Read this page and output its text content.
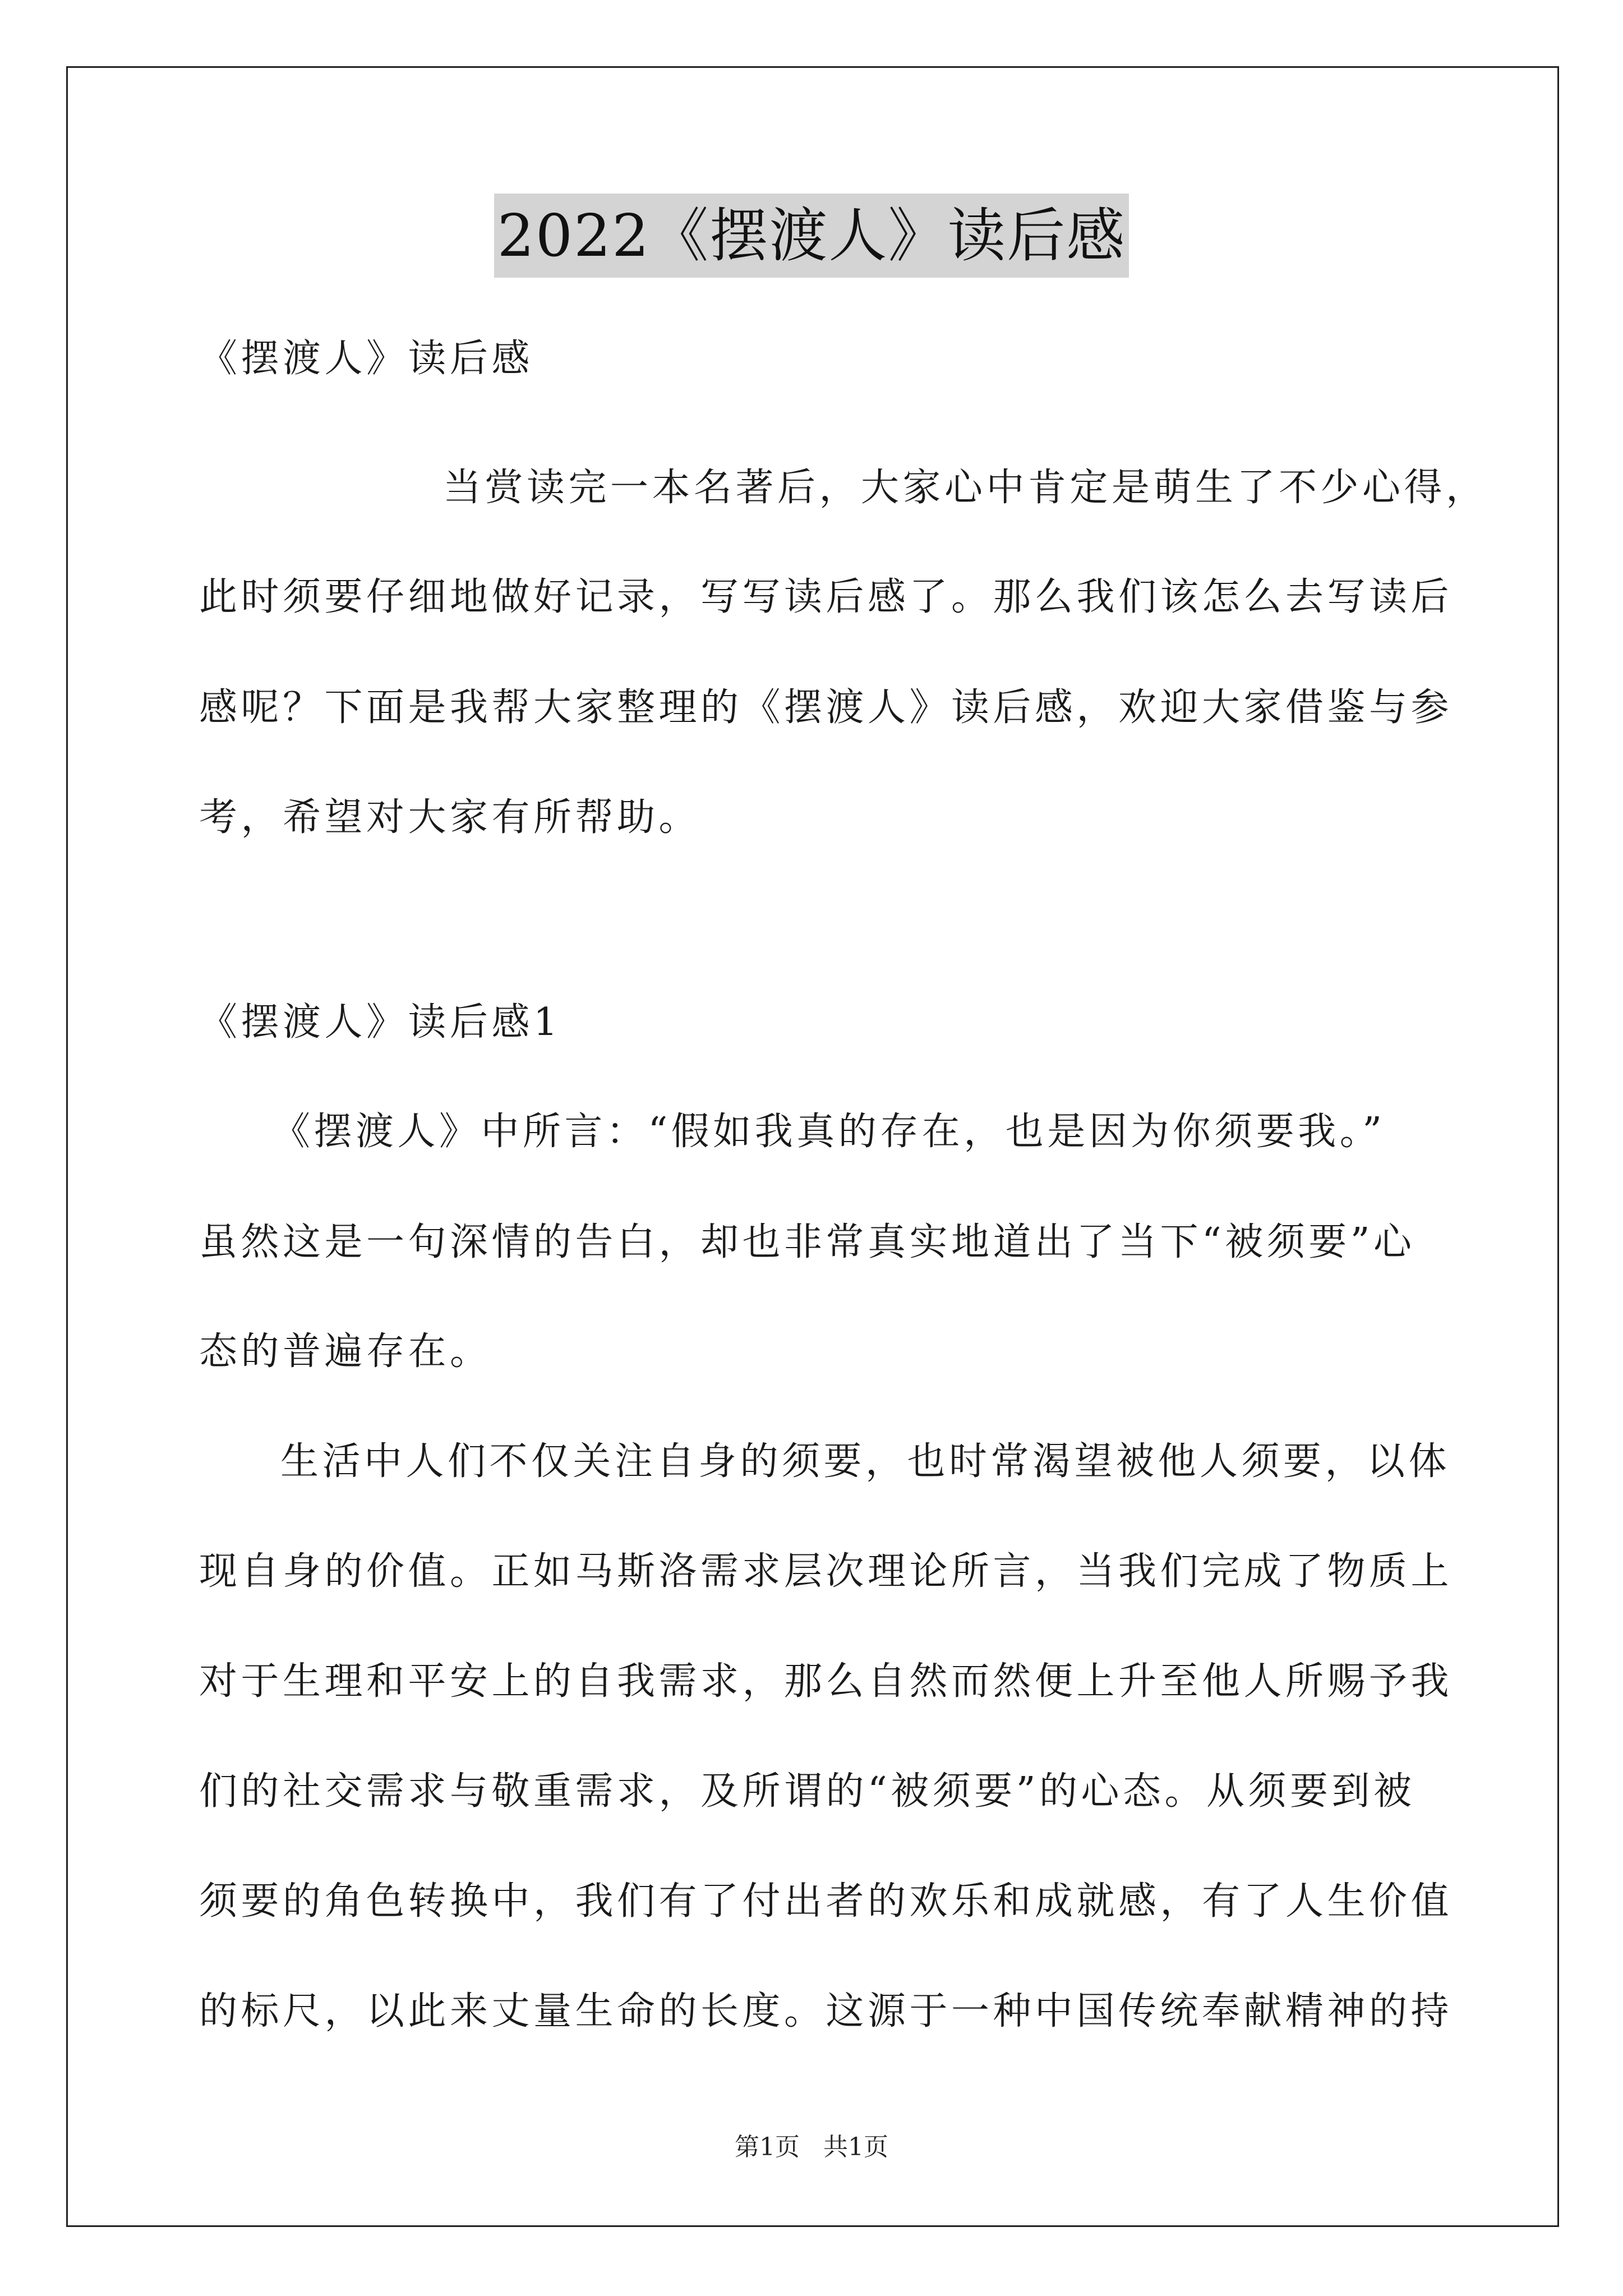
2022《摆渡人》读后感
《摆渡人》读后感
当赏读完一本名著后，大家心中肯定是萌生了不少心得，
此时须要仔细地做好记录，写写读后感了。那么我们该怎么去写读后
感呢？下面是我帮大家整理的《摆渡人》读后感，欢迎大家借鉴与参
考，希望对大家有所帮助。
《摆渡人》读后感1
《摆渡人》中所言：“假如我真的存在，也是因为你须要我。”
虽然这是一句深情的告白，却也非常真实地道出了当下“被须要”心
态的普遍存在。
生活中人们不仅关注自身的须要，也时常渴望被他人须要，以体
现自身的价值。正如马斯洛需求层次理论所言，当我们完成了物质上
对于生理和平安上的自我需求，那么自然而然便上升至他人所赐予我
们的社交需求与敬重需求，及所谓的“被须要”的心态。从须要到被
须要的角色转换中，我们有了付出者的欢乐和成就感，有了人生价值
的标尺，以此来丈量生命的长度。这源于一种中国传统奉献精神的持
第1页 共1页
